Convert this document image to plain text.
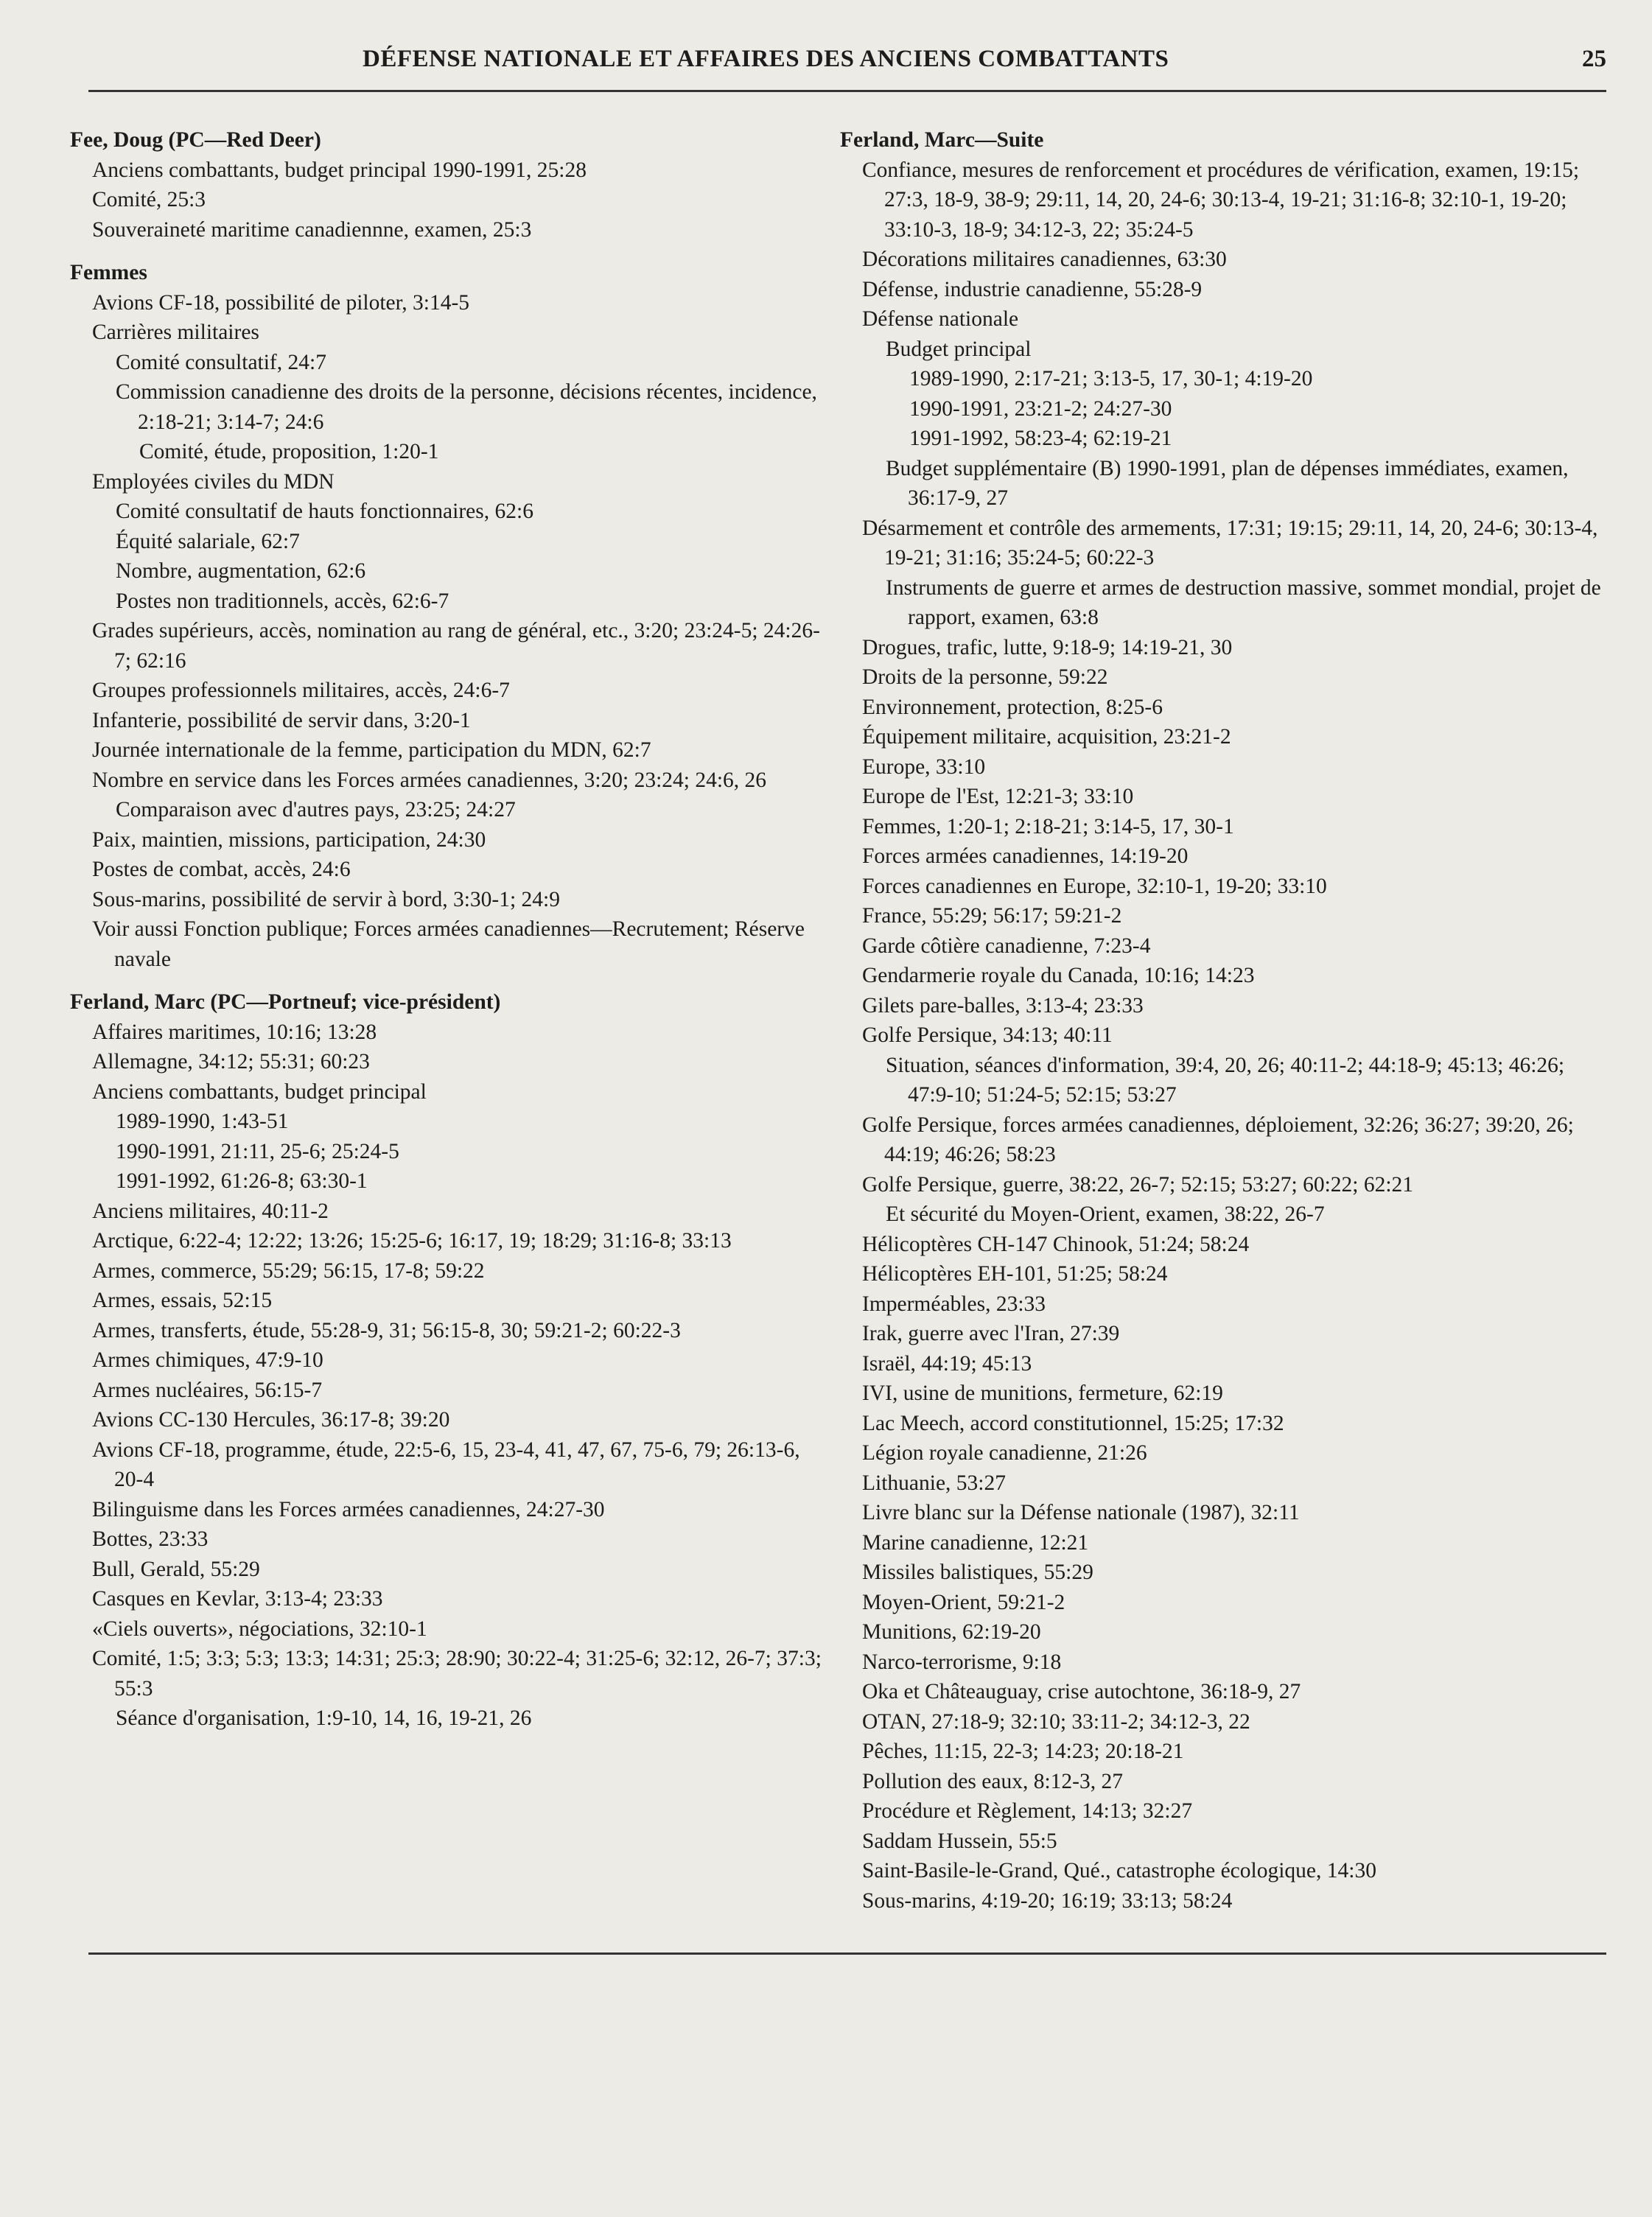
DÉFENSE NATIONALE ET AFFAIRES DES ANCIENS COMBATTANTS	25
Fee, Doug (PC—Red Deer)
Anciens combattants, budget principal 1990-1991, 25:28
Comité, 25:3
Souveraineté maritime canadiennne, examen, 25:3
Femmes
Avions CF-18, possibilité de piloter, 3:14-5
Carrières militaires
Comité consultatif, 24:7
Commission canadienne des droits de la personne, décisions récentes, incidence, 2:18-21; 3:14-7; 24:6
Comité, étude, proposition, 1:20-1
Employées civiles du MDN
Comité consultatif de hauts fonctionnaires, 62:6
Équité salariale, 62:7
Nombre, augmentation, 62:6
Postes non traditionnels, accès, 62:6-7
Grades supérieurs, accès, nomination au rang de général, etc., 3:20; 23:24-5; 24:26-7; 62:16
Groupes professionnels militaires, accès, 24:6-7
Infanterie, possibilité de servir dans, 3:20-1
Journée internationale de la femme, participation du MDN, 62:7
Nombre en service dans les Forces armées canadiennes, 3:20; 23:24; 24:6, 26
Comparaison avec d'autres pays, 23:25; 24:27
Paix, maintien, missions, participation, 24:30
Postes de combat, accès, 24:6
Sous-marins, possibilité de servir à bord, 3:30-1; 24:9
Voir aussi Fonction publique; Forces armées canadiennes—Recrutement; Réserve navale
Ferland, Marc (PC—Portneuf; vice-président)
Affaires maritimes, 10:16; 13:28
Allemagne, 34:12; 55:31; 60:23
Anciens combattants, budget principal
1989-1990, 1:43-51
1990-1991, 21:11, 25-6; 25:24-5
1991-1992, 61:26-8; 63:30-1
Anciens militaires, 40:11-2
Arctique, 6:22-4; 12:22; 13:26; 15:25-6; 16:17, 19; 18:29; 31:16-8; 33:13
Armes, commerce, 55:29; 56:15, 17-8; 59:22
Armes, essais, 52:15
Armes, transferts, étude, 55:28-9, 31; 56:15-8, 30; 59:21-2; 60:22-3
Armes chimiques, 47:9-10
Armes nucléaires, 56:15-7
Avions CC-130 Hercules, 36:17-8; 39:20
Avions CF-18, programme, étude, 22:5-6, 15, 23-4, 41, 47, 67, 75-6, 79; 26:13-6, 20-4
Bilinguisme dans les Forces armées canadiennes, 24:27-30
Bottes, 23:33
Bull, Gerald, 55:29
Casques en Kevlar, 3:13-4; 23:33
«Ciels ouverts», négociations, 32:10-1
Comité, 1:5; 3:3; 5:3; 13:3; 14:31; 25:3; 28:90; 30:22-4; 31:25-6; 32:12, 26-7; 37:3; 55:3
Séance d'organisation, 1:9-10, 14, 16, 19-21, 26
Ferland, Marc—Suite
Confiance, mesures de renforcement et procédures de vérification, examen, 19:15; 27:3, 18-9, 38-9; 29:11, 14, 20, 24-6; 30:13-4, 19-21; 31:16-8; 32:10-1, 19-20; 33:10-3, 18-9; 34:12-3, 22; 35:24-5
Décorations militaires canadiennes, 63:30
Défense, industrie canadienne, 55:28-9
Défense nationale
Budget principal
1989-1990, 2:17-21; 3:13-5, 17, 30-1; 4:19-20
1990-1991, 23:21-2; 24:27-30
1991-1992, 58:23-4; 62:19-21
Budget supplémentaire (B) 1990-1991, plan de dépenses immédiates, examen, 36:17-9, 27
Désarmement et contrôle des armements, 17:31; 19:15; 29:11, 14, 20, 24-6; 30:13-4, 19-21; 31:16; 35:24-5; 60:22-3
Instruments de guerre et armes de destruction massive, sommet mondial, projet de rapport, examen, 63:8
Drogues, trafic, lutte, 9:18-9; 14:19-21, 30
Droits de la personne, 59:22
Environnement, protection, 8:25-6
Équipement militaire, acquisition, 23:21-2
Europe, 33:10
Europe de l'Est, 12:21-3; 33:10
Femmes, 1:20-1; 2:18-21; 3:14-5, 17, 30-1
Forces armées canadiennes, 14:19-20
Forces canadiennes en Europe, 32:10-1, 19-20; 33:10
France, 55:29; 56:17; 59:21-2
Garde côtière canadienne, 7:23-4
Gendarmerie royale du Canada, 10:16; 14:23
Gilets pare-balles, 3:13-4; 23:33
Golfe Persique, 34:13; 40:11
Situation, séances d'information, 39:4, 20, 26; 40:11-2; 44:18-9; 45:13; 46:26; 47:9-10; 51:24-5; 52:15; 53:27
Golfe Persique, forces armées canadiennes, déploiement, 32:26; 36:27; 39:20, 26; 44:19; 46:26; 58:23
Golfe Persique, guerre, 38:22, 26-7; 52:15; 53:27; 60:22; 62:21
Et sécurité du Moyen-Orient, examen, 38:22, 26-7
Hélicoptères CH-147 Chinook, 51:24; 58:24
Hélicoptères EH-101, 51:25; 58:24
Imperméables, 23:33
Irak, guerre avec l'Iran, 27:39
Israël, 44:19; 45:13
IVI, usine de munitions, fermeture, 62:19
Lac Meech, accord constitutionnel, 15:25; 17:32
Légion royale canadienne, 21:26
Lithuanie, 53:27
Livre blanc sur la Défense nationale (1987), 32:11
Marine canadienne, 12:21
Missiles balistiques, 55:29
Moyen-Orient, 59:21-2
Munitions, 62:19-20
Narco-terrorisme, 9:18
Oka et Châteauguay, crise autochtone, 36:18-9, 27
OTAN, 27:18-9; 32:10; 33:11-2; 34:12-3, 22
Pêches, 11:15, 22-3; 14:23; 20:18-21
Pollution des eaux, 8:12-3, 27
Procédure et Règlement, 14:13; 32:27
Saddam Hussein, 55:5
Saint-Basile-le-Grand, Qué., catastrophe écologique, 14:30
Sous-marins, 4:19-20; 16:19; 33:13; 58:24
